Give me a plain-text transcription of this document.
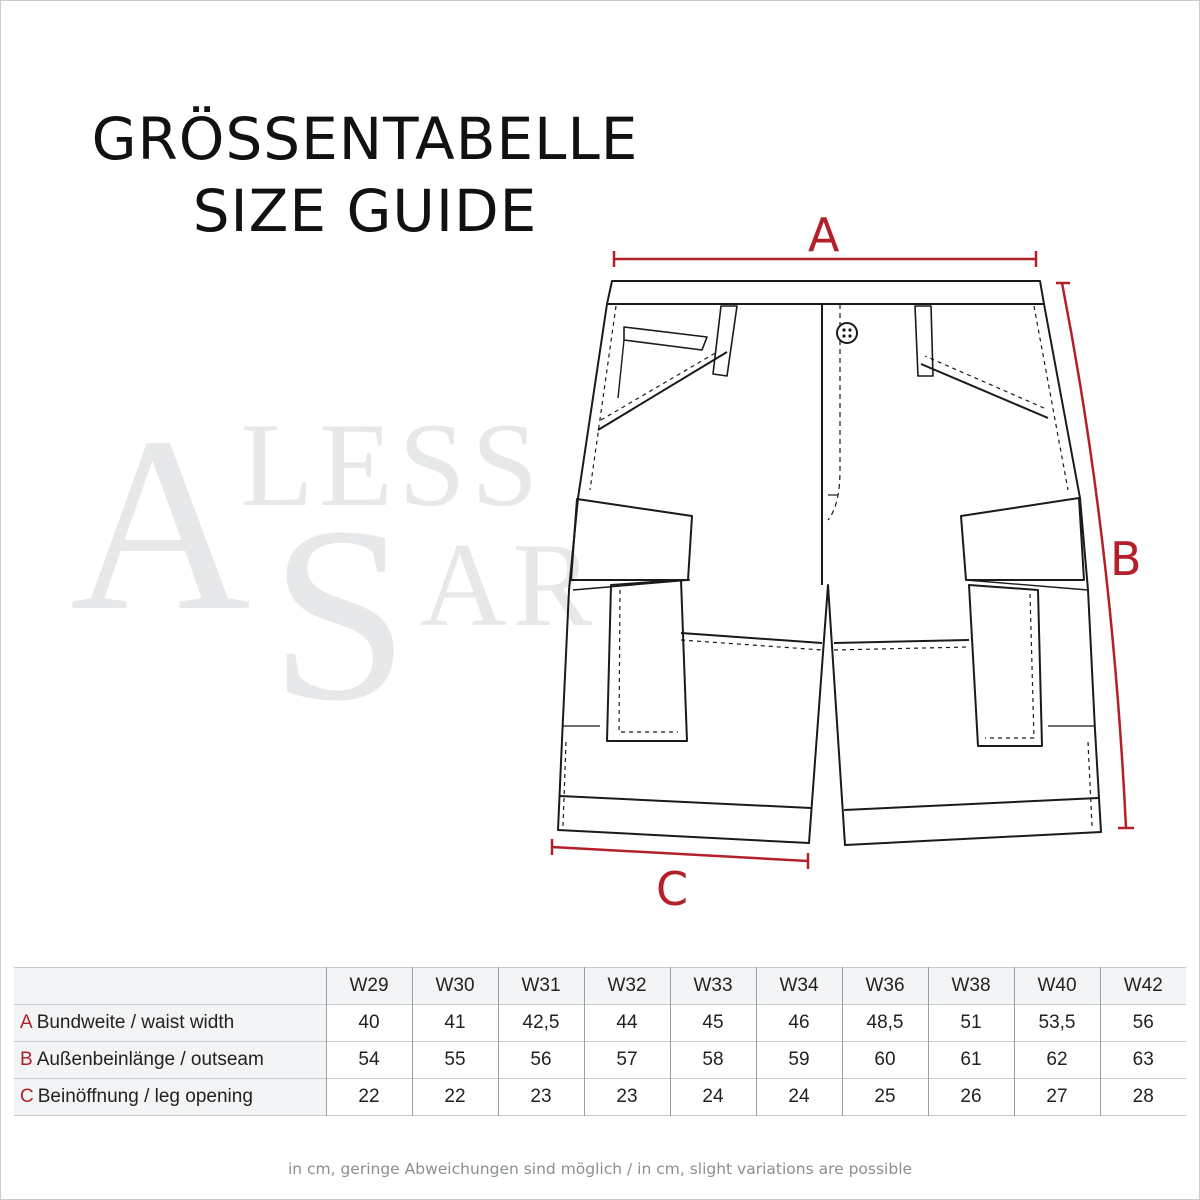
A
LESS
S AR
GRÖSSENTABELLE
SIZE GUIDE	A
B
C
	W29	W30	W31	W32	W33	W34	W36	W38	W40	W42
A Bundweite / waist width	40	41	42,5	44	45	46	48,5	51	53,5	56
B Außenbeinlänge / outseam	54	55	56	57	58	59	60	61	62	63
C Beinöffnung / leg opening	22	22	23	23	24	24	25	26	27	28
in cm, geringe Abweichungen sind möglich / in cm, slight variations are possible
